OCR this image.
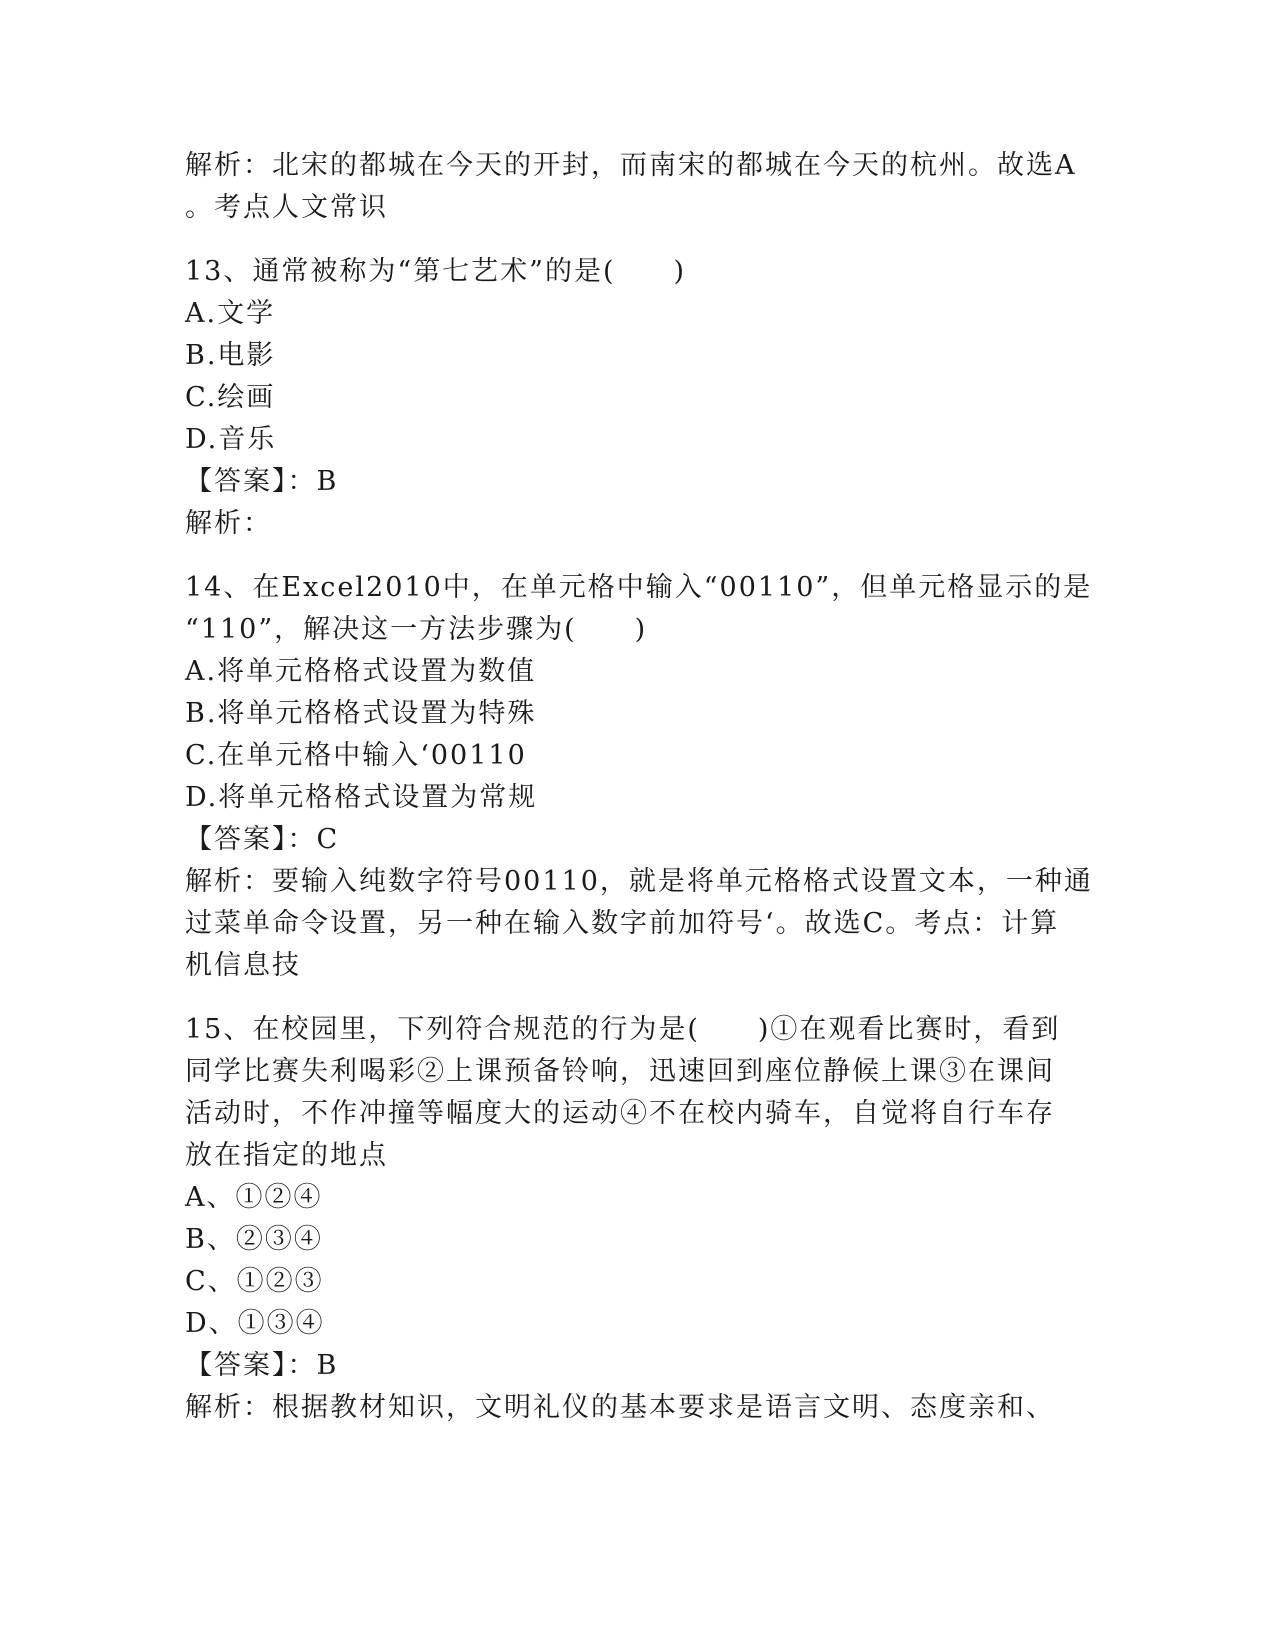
解析：北宋的都城在今天的开封，而南宋的都城在今天的杭州。故选A
。考点人文常识
13、通常被称为“第七艺术”的是(　　)
A.文学
B.电影
C.绘画
D.音乐
【答案】：B
解析：
14、在Excel2010中，在单元格中输入“00110”，但单元格显示的是
“110”，解决这一方法步骤为(　　)
A.将单元格格式设置为数值
B.将单元格格式设置为特殊
C.在单元格中输入‘00110
D.将单元格格式设置为常规
【答案】：C
解析：要输入纯数字符号00110，就是将单元格格式设置文本，一种通
过菜单命令设置，另一种在输入数字前加符号‘。故选C。考点：计算
机信息技
15、在校园里，下列符合规范的行为是(　　)①在观看比赛时，看到
同学比赛失利喝彩②上课预备铃响，迅速回到座位静候上课③在课间
活动时，不作冲撞等幅度大的运动④不在校内骑车，自觉将自行车存
放在指定的地点
A、①②④
B、②③④
C、①②③
D、①③④
【答案】：B
解析：根据教材知识，文明礼仪的基本要求是语言文明、态度亲和、
